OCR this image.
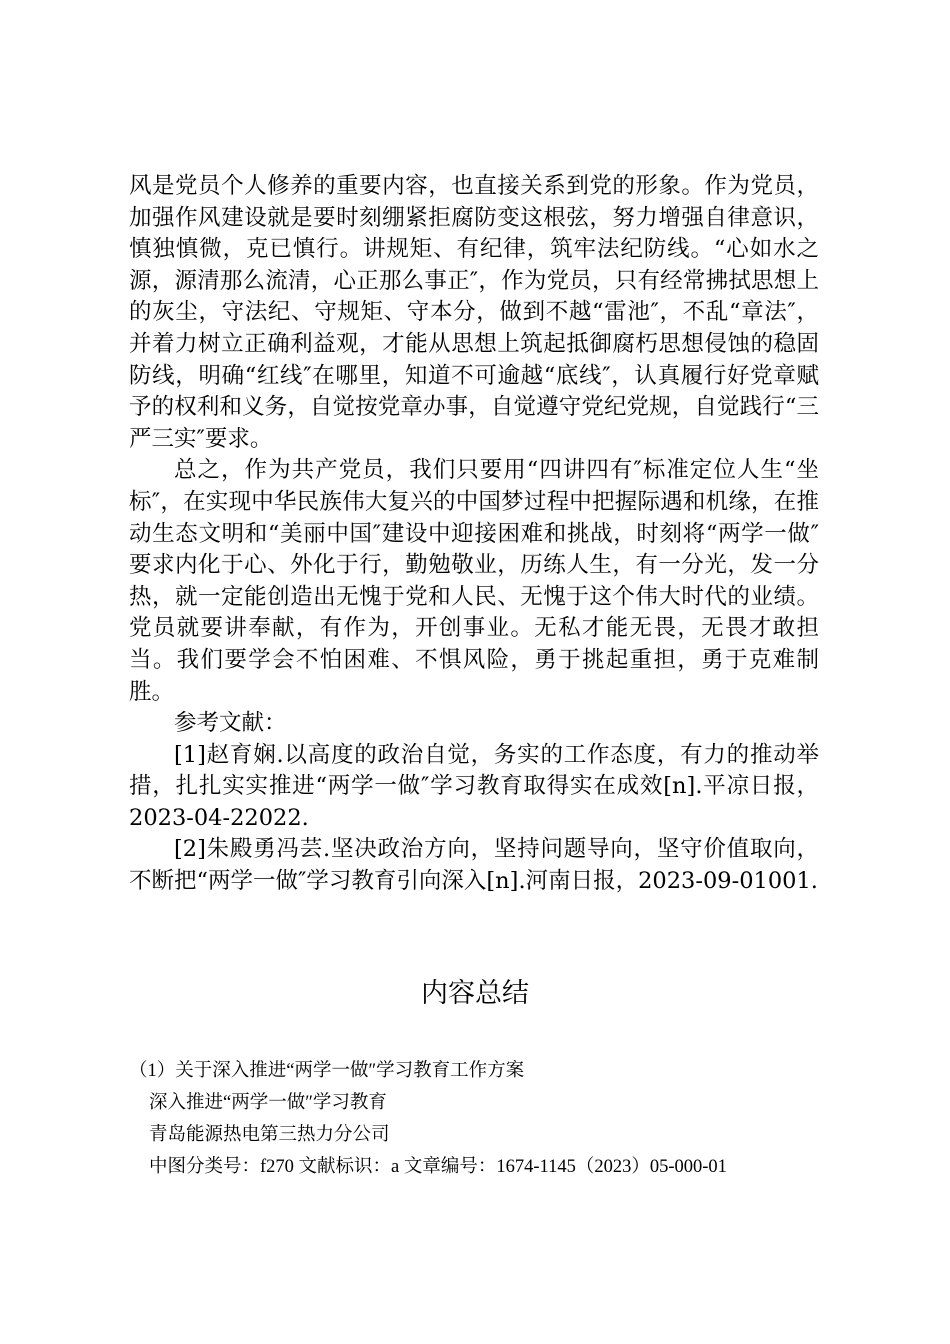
风是党员个人修养的重要内容，也直接关系到党的形象。作为党员，加强作风建设就是要时刻绷紧拒腐防变这根弦，努力增强自律意识，慎独慎微，克已慎行。讲规矩、有纪律，筑牢法纪防线。“心如水之源，源清那么流清，心正那么事正″，作为党员，只有经常拂拭思想上的灰尘，守法纪、守规矩、守本分，做到不越“雷池″，不乱“章法″，并着力树立正确利益观，才能从思想上筑起抵御腐朽思想侵蚀的稳固防线，明确“红线″在哪里，知道不可逾越“底线″，认真履行好党章赋予的权利和义务，自觉按党章办事，自觉遵守党纪党规，自觉践行“三严三实″要求。

总之，作为共产党员，我们只要用“四讲四有″标准定位人生“坐标″，在实现中华民族伟大复兴的中国梦过程中把握际遇和机缘，在推动生态文明和“美丽中国″建设中迎接困难和挑战，时刻将“两学一做″要求内化于心、外化于行，勤勉敬业，历练人生，有一分光，发一分热，就一定能创造出无愧于党和人民、无愧于这个伟大时代的业绩。党员就要讲奉献，有作为，开创事业。无私才能无畏，无畏才敢担当。我们要学会不怕困难、不惧风险，勇于挑起重担，勇于克难制胜。

参考文献：

[1]赵育娴.以高度的政治自觉，务实的工作态度，有力的推动举措，扎扎实实推进“两学一做″学习教育取得实在成效[n].平凉日报，2023-04-22022.

[2]朱殿勇冯芸.坚决政治方向，坚持问题导向，坚守价值取向，不断把“两学一做″学习教育引向深入[n].河南日报，2023-09-01001.

内容总结
（1）关于深入推进“两学一做″学习教育工作方案
深入推进“两学一做″学习教育
青岛能源热电第三热力分公司
中图分类号：f270 文献标识：a 文章编号：1674-1145（2023）05-000-01
